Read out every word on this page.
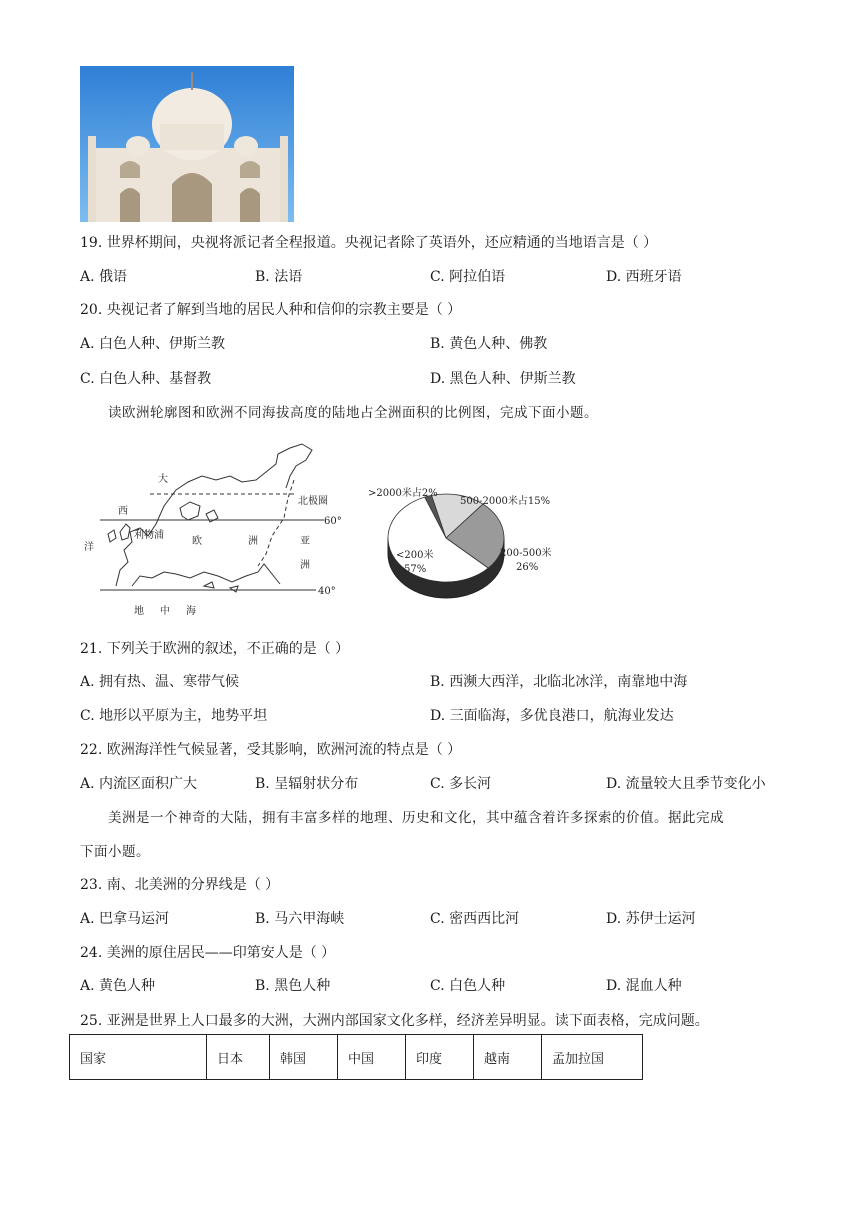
19. 世界杯期间，央视将派记者全程报道。央视记者除了英语外，还应精通的当地语言是（ ）
A. 俄语	B. 法语	C. 阿拉伯语	D. 西班牙语
20. 央视记者了解到当地的居民人种和信仰的宗教主要是（ ）
A. 白色人种、伊斯兰教	B. 黄色人种、佛教
C. 白色人种、基督教	D. 黑色人种、伊斯兰教
读欧洲轮廓图和欧洲不同海拔高度的陆地占全洲面积的比例图，完成下面小题。
大
西
洋
利物浦
欧	洲	亚
洲
北极圈
60°
40°
地 中 海
>2000米占2%
500-2000米占15%
200-500米
26%
<200米
57%
21. 下列关于欧洲的叙述，不正确的是（ ）
A. 拥有热、温、寒带气候	B. 西濒大西洋，北临北冰洋，南靠地中海
C. 地形以平原为主，地势平坦	D. 三面临海，多优良港口，航海业发达
22. 欧洲海洋性气候显著，受其影响，欧洲河流的特点是（ ）
A. 内流区面积广大	B. 呈辐射状分布	C. 多长河	D. 流量较大且季节变化小
美洲是一个神奇的大陆，拥有丰富多样的地理、历史和文化，其中蕴含着许多探索的价值。据此完成
下面小题。
23. 南、北美洲的分界线是（ ）
A. 巴拿马运河	B. 马六甲海峡	C. 密西西比河	D. 苏伊士运河
24. 美洲的原住居民——印第安人是（ ）
A. 黄色人种	B. 黑色人种	C. 白色人种	D. 混血人种
25. 亚洲是世界上人口最多的大洲，大洲内部国家文化多样，经济差异明显。读下面表格，完成问题。
国家	日本	韩国	中国	印度	越南	孟加拉国
